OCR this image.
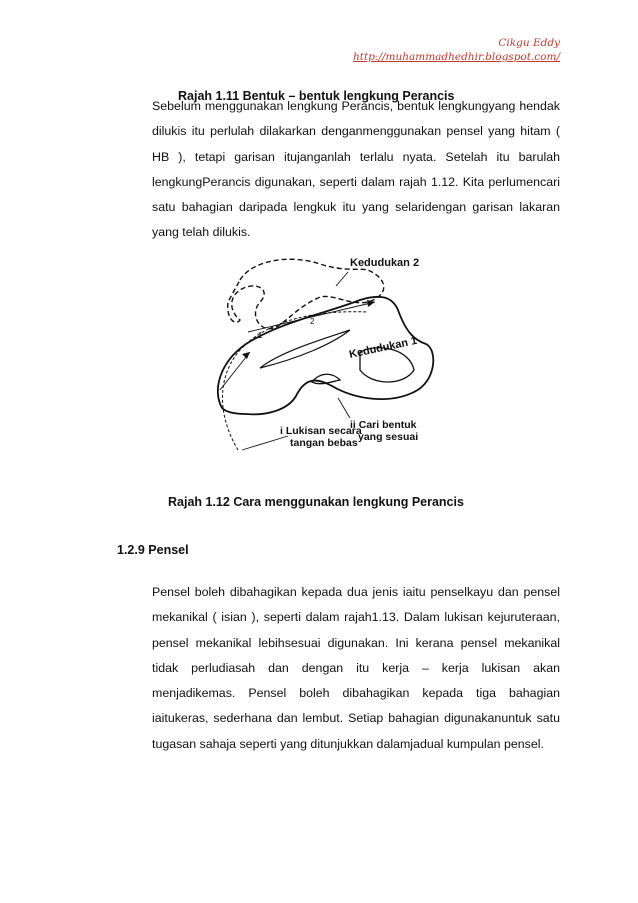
Cikgu Eddy
http://muhammadhedhir.blogspot.com/
Rajah 1.11 Bentuk – bentuk lengkung Perancis

Sebelum menggunakan lengkung Perancis, bentuk lengkungyang hendak dilukis itu perlulah dilakarkan denganmenggunakan pensel yang hitam ( HB ), tetapi garisan itujanganlah terlalu nyata. Setelah itu barulah lengkungPerancis digunakan, seperti dalam rajah 1.12. Kita perlumencari satu bahagian daripada lengkuk itu yang selaridengan garisan lakaran yang telah dilukis.

Kedudukan 2
Kedudukan 1
1
2
ii Cari bentuk
yang sesuai
i Lukisan secara
tangan bebas
Rajah 1.12 Cara menggunakan lengkung Perancis
1.2.9 Pensel

Pensel boleh dibahagikan kepada dua jenis iaitu penselkayu dan pensel mekanikal ( isian ), seperti dalam rajah1.13. Dalam lukisan kejuruteraan, pensel mekanikal lebihsesuai digunakan. Ini kerana pensel mekanikal tidak perludiasah dan dengan itu kerja – kerja lukisan akan menjadikemas. Pensel boleh dibahagikan kepada tiga bahagian iaitukeras, sederhana dan lembut. Setiap bahagian digunakanuntuk satu tugasan sahaja seperti yang ditunjukkan dalamjadual kumpulan pensel.
